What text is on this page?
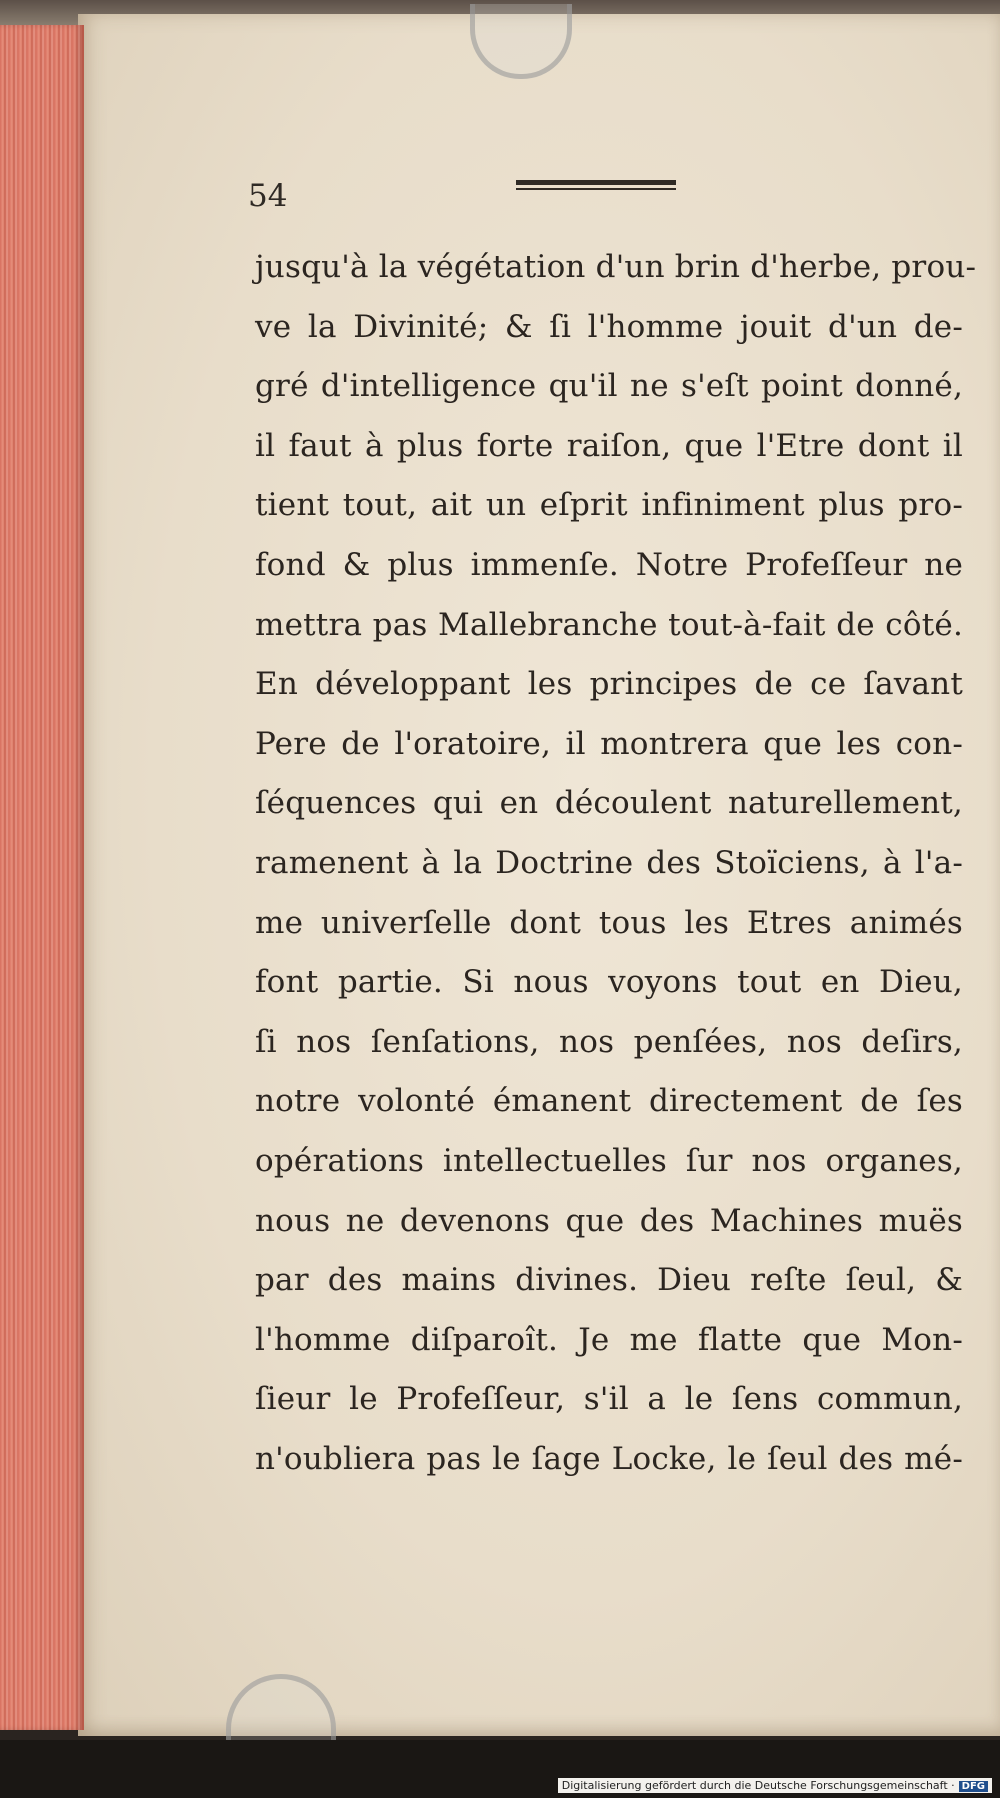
54

jusqu'à la végétation d'un brin d'herbe, prou-
ve la Divinité; & ſi l'homme jouit d'un de-
gré d'intelligence qu'il ne s'eſt point donné,
il faut à plus forte raiſon, que l'Etre dont il
tient tout, ait un eſprit infiniment plus pro-
fond & plus immenſe. Notre Profeſſeur ne
mettra pas Mallebranche tout-à-fait de côté.
En développant les principes de ce ſavant
Pere de l'oratoire, il montrera que les con-
ſéquences qui en découlent naturellement,
ramenent à la Doctrine des Stoïciens, à l'a-
me univerſelle dont tous les Etres animés
font partie. Si nous voyons tout en Dieu,
ſi nos ſenſations, nos penſées, nos deſirs,
notre volonté émanent directement de ſes
opérations intellectuelles ſur nos organes,
nous ne devenons que des Machines muës
par des mains divines. Dieu reſte ſeul, &
l'homme diſparoît. Je me flatte que Mon-
ſieur le Profeſſeur, s'il a le ſens commun,
n'oubliera pas le ſage Locke, le ſeul des mé-
Digitalisierung gefördert durch die Deutsche Forschungsgemeinschaft · DFG
